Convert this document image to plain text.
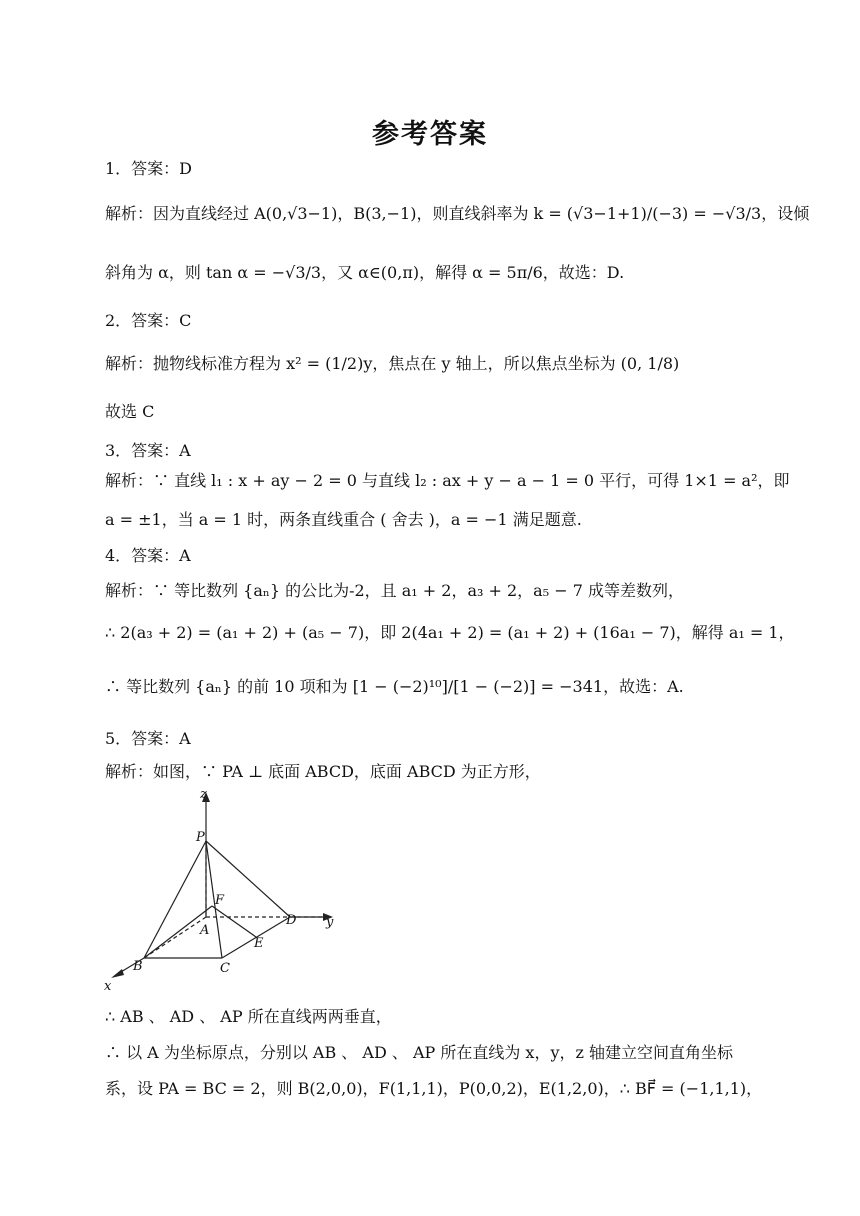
参考答案
1．答案：D
解析：因为直线经过 A(0,√3−1)，B(3,−1)，则直线斜率为 k = (√3−1+1)/(−3) = −√3/3，设倾
斜角为 α，则 tan α = −√3/3，又 α∈(0,π)，解得 α = 5π/6，故选：D.
2．答案：C
解析：抛物线标准方程为 x² = (1/2)y，焦点在 y 轴上，所以焦点坐标为 (0, 1/8)
故选 C
3．答案：A
解析：∵ 直线 l₁ : x + ay − 2 = 0 与直线 l₂ : ax + y − a − 1 = 0 平行，可得 1×1 = a²，即
a = ±1，当 a = 1 时，两条直线重合 ( 舍去 )，a = −1 满足题意.
4．答案：A
解析：∵ 等比数列 {aₙ} 的公比为-2，且 a₁ + 2，a₃ + 2，a₅ − 7 成等差数列，
∴ 2(a₃ + 2) = (a₁ + 2) + (a₅ − 7)，即 2(4a₁ + 2) = (a₁ + 2) + (16a₁ − 7)，解得 a₁ = 1，
∴ 等比数列 {aₙ} 的前 10 项和为 [1 − (−2)¹⁰]/[1 − (−2)] = −341，故选：A.
5．答案：A
解析：如图，∵ PA ⊥ 底面 ABCD，底面 ABCD 为正方形，
∴ AB 、 AD 、 AP 所在直线两两垂直，
∴ 以 A 为坐标原点，分别以 AB 、 AD 、 AP 所在直线为 x，y，z 轴建立空间直角坐标
系，设 PA = BC = 2，则 B(2,0,0)，F(1,1,1)，P(0,0,2)，E(1,2,0)，∴ BF⃗ = (−1,1,1)，
z
y
x
P
F
A
B	C
D
E
